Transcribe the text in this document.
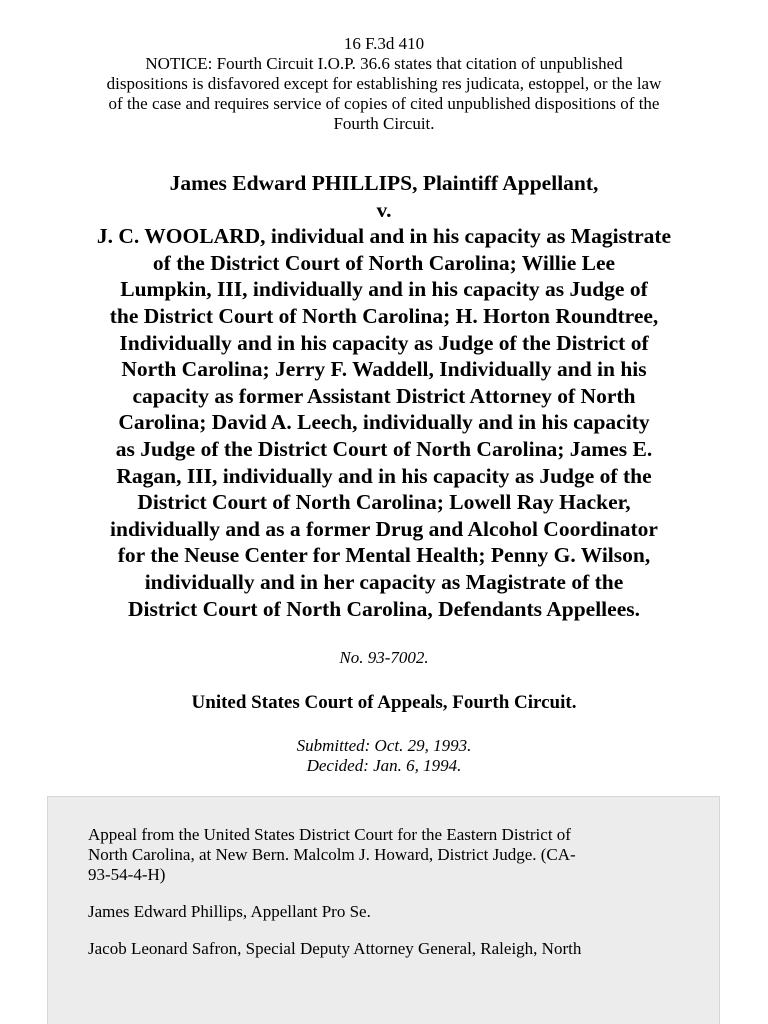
16 F.3d 410
NOTICE: Fourth Circuit I.O.P. 36.6 states that citation of unpublished
dispositions is disfavored except for establishing res judicata, estoppel, or the law
of the case and requires service of copies of cited unpublished dispositions of the
Fourth Circuit.
James Edward PHILLIPS, Plaintiff Appellant,
v.
J. C. WOOLARD, individual and in his capacity as Magistrate
of the District Court of North Carolina; Willie Lee
Lumpkin, III, individually and in his capacity as Judge of
the District Court of North Carolina; H. Horton Roundtree,
Individually and in his capacity as Judge of the District of
North Carolina; Jerry F. Waddell, Individually and in his
capacity as former Assistant District Attorney of North
Carolina; David A. Leech, individually and in his capacity
as Judge of the District Court of North Carolina; James E.
Ragan, III, individually and in his capacity as Judge of the
District Court of North Carolina; Lowell Ray Hacker,
individually and as a former Drug and Alcohol Coordinator
for the Neuse Center for Mental Health; Penny G. Wilson,
individually and in her capacity as Magistrate of the
District Court of North Carolina, Defendants Appellees.
No. 93-7002.
United States Court of Appeals, Fourth Circuit.
Submitted: Oct. 29, 1993.
Decided: Jan. 6, 1994.
Appeal from the United States District Court for the Eastern District of
North Carolina, at New Bern. Malcolm J. Howard, District Judge. (CA-
93-54-4-H)
James Edward Phillips, Appellant Pro Se.
Jacob Leonard Safron, Special Deputy Attorney General, Raleigh, North
